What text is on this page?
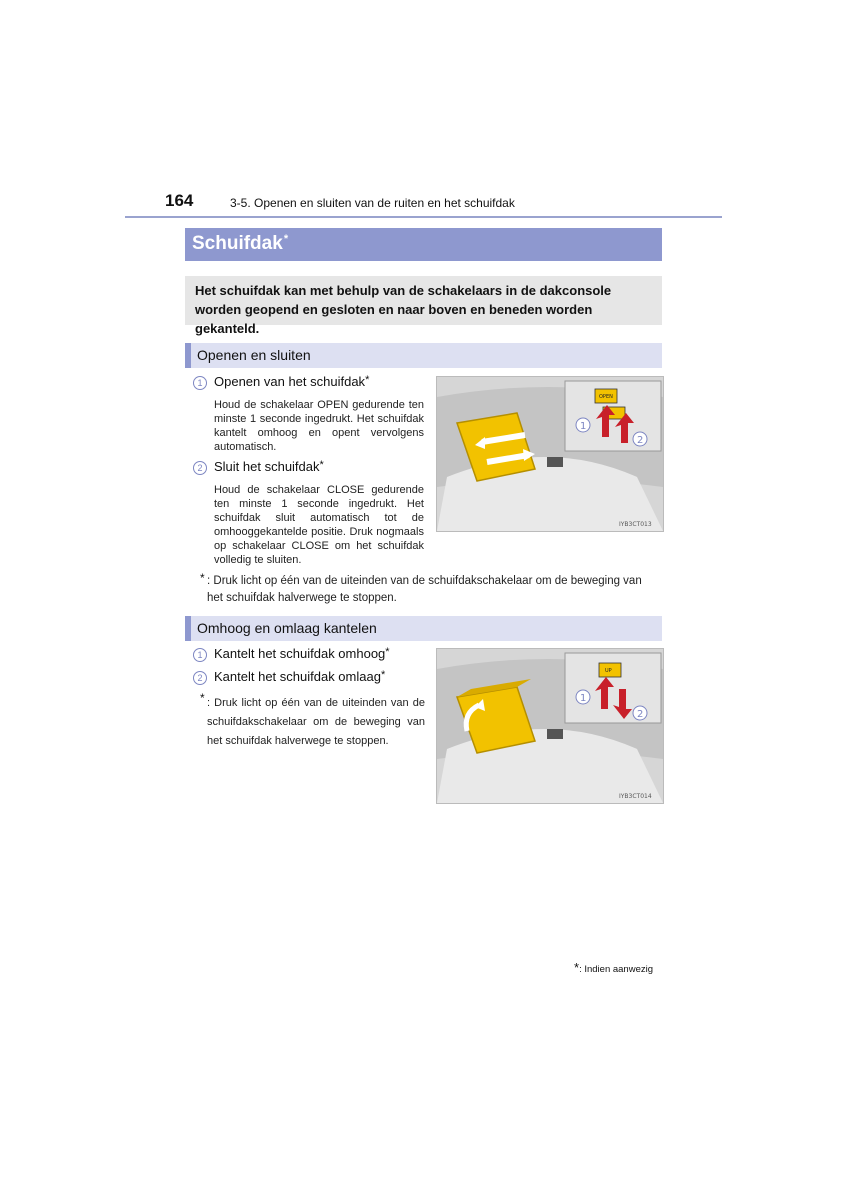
164	3-5. Openen en sluiten van de ruiten en het schuifdak
Schuifdak*
Het schuifdak kan met behulp van de schakelaars in de dakconsole worden geopend en gesloten en naar boven en beneden worden gekanteld.
Openen en sluiten
1 Openen van het schuifdak*
Houd de schakelaar OPEN gedurende ten minste 1 seconde ingedrukt. Het schuifdak kantelt omhoog en opent vervolgens automatisch.
2 Sluit het schuifdak*
Houd de schakelaar CLOSE gedurende ten minste 1 seconde ingedrukt. Het schuifdak sluit automatisch tot de omhooggekantelde positie. Druk nogmaals op schakelaar CLOSE om het schuifdak volledig te sluiten.
* : Druk licht op één van de uiteinden van de schuifdakschakelaar om de beweging van het schuifdak halverwege te stoppen.
OPEN
1
2
IYB3CT013
Omhoog en omlaag kantelen
1 Kantelt het schuifdak omhoog*
2 Kantelt het schuifdak omlaag*
* : Druk licht op één van de uiteinden van de schuifdakschakelaar om de beweging van het schuifdak halverwege te stoppen.
UP
1
2
IYB3CT014
*: Indien aanwezig
